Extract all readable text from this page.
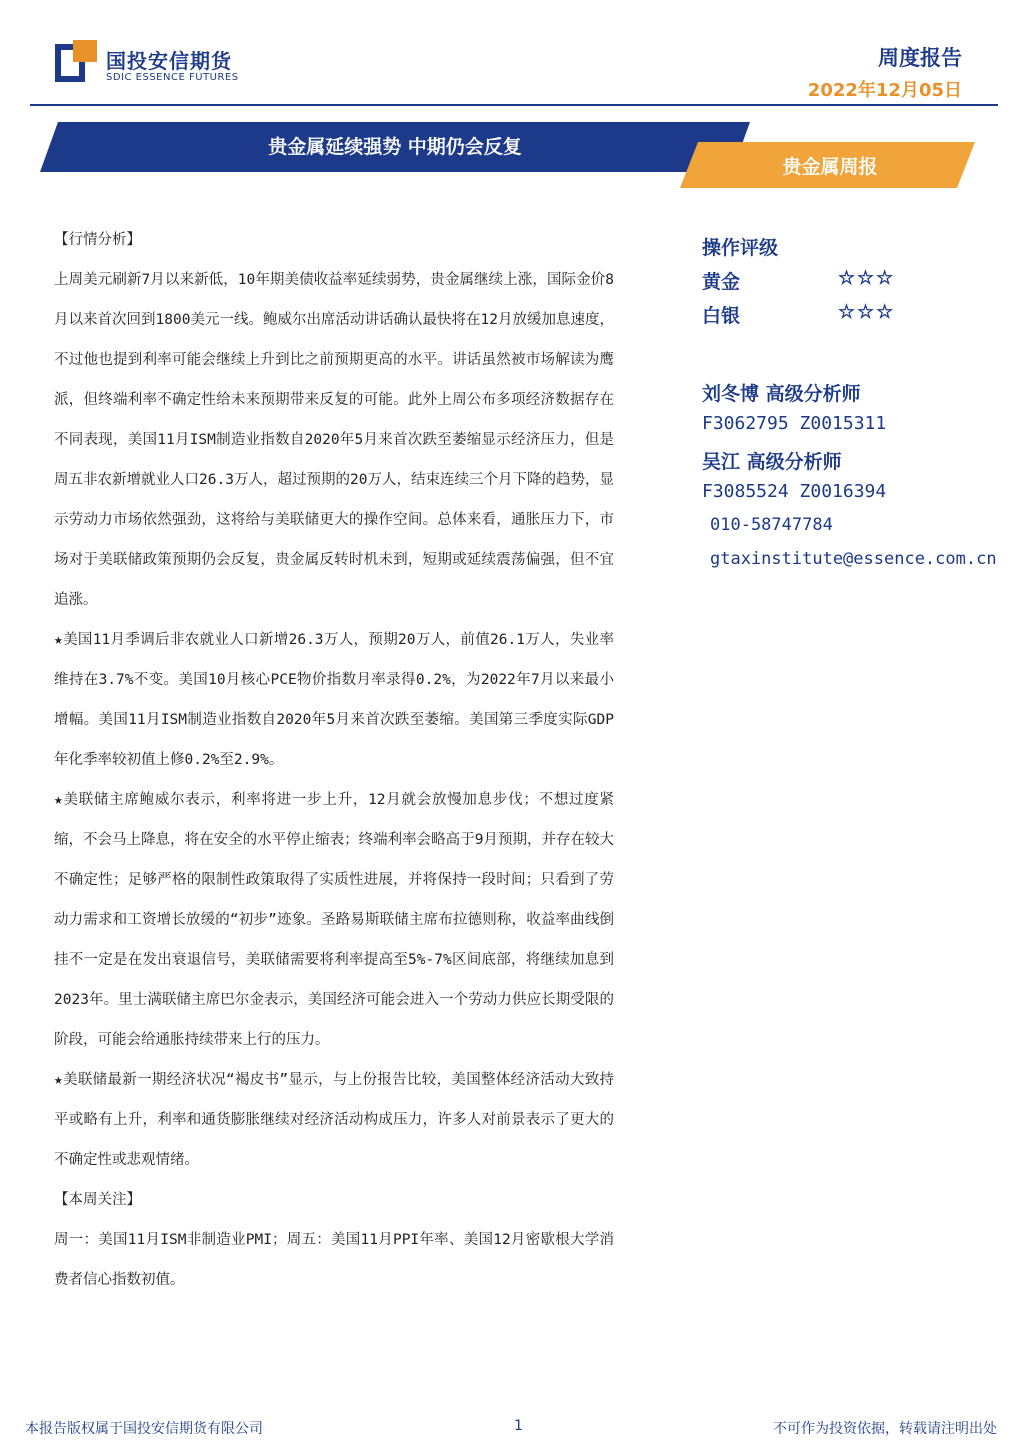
国投安信期货
SDIC ESSENCE FUTURES
周度报告
2022年12月05日
贵金属延续强势 中期仍会反复
贵金属周报
【行情分析】

上周美元刷新7月以来新低，10年期美债收益率延续弱势，贵金属继续上涨，国际金价8月以来首次回到1800美元一线。鲍威尔出席活动讲话确认最快将在12月放缓加息速度，不过他也提到利率可能会继续上升到比之前预期更高的水平。讲话虽然被市场解读为鹰派，但终端利率不确定性给未来预期带来反复的可能。此外上周公布多项经济数据存在不同表现，美国11月ISM制造业指数自2020年5月来首次跌至萎缩显示经济压力，但是周五非农新增就业人口26.3万人，超过预期的20万人，结束连续三个月下降的趋势，显示劳动力市场依然强劲，这将给与美联储更大的操作空间。总体来看，通胀压力下，市场对于美联储政策预期仍会反复，贵金属反转时机未到，短期或延续震荡偏强，但不宜追涨。

★美国11月季调后非农就业人口新增26.3万人，预期20万人，前值26.1万人，失业率维持在3.7%不变。美国10月核心PCE物价指数月率录得0.2%，为2022年7月以来最小增幅。美国11月ISM制造业指数自2020年5月来首次跌至萎缩。美国第三季度实际GDP年化季率较初值上修0.2%至2.9%。

★美联储主席鲍威尔表示，利率将进一步上升，12月就会放慢加息步伐；不想过度紧缩，不会马上降息，将在安全的水平停止缩表；终端利率会略高于9月预期，并存在较大不确定性；足够严格的限制性政策取得了实质性进展，并将保持一段时间；只看到了劳动力需求和工资增长放缓的“初步”迹象。圣路易斯联储主席布拉德则称，收益率曲线倒挂不一定是在发出衰退信号，美联储需要将利率提高至5%-7%区间底部，将继续加息到2023年。里士满联储主席巴尔金表示，美国经济可能会进入一个劳动力供应长期受限的阶段，可能会给通胀持续带来上行的压力。

★美联储最新一期经济状况“褐皮书”显示，与上份报告比较，美国整体经济活动大致持平或略有上升，利率和通货膨胀继续对经济活动构成压力，许多人对前景表示了更大的不确定性或悲观情绪。

【本周关注】

周一：美国11月ISM非制造业PMI；周五：美国11月PPI年率、美国12月密歇根大学消费者信心指数初值。

操作评级
黄金	☆☆☆
白银	☆☆☆
刘冬博 高级分析师
F3062795 Z0015311
吴江 高级分析师
F3085524 Z0016394
010-58747784
gtaxinstitute@essence.com.cn
本报告版权属于国投安信期货有限公司	1	不可作为投资依据，转载请注明出处
